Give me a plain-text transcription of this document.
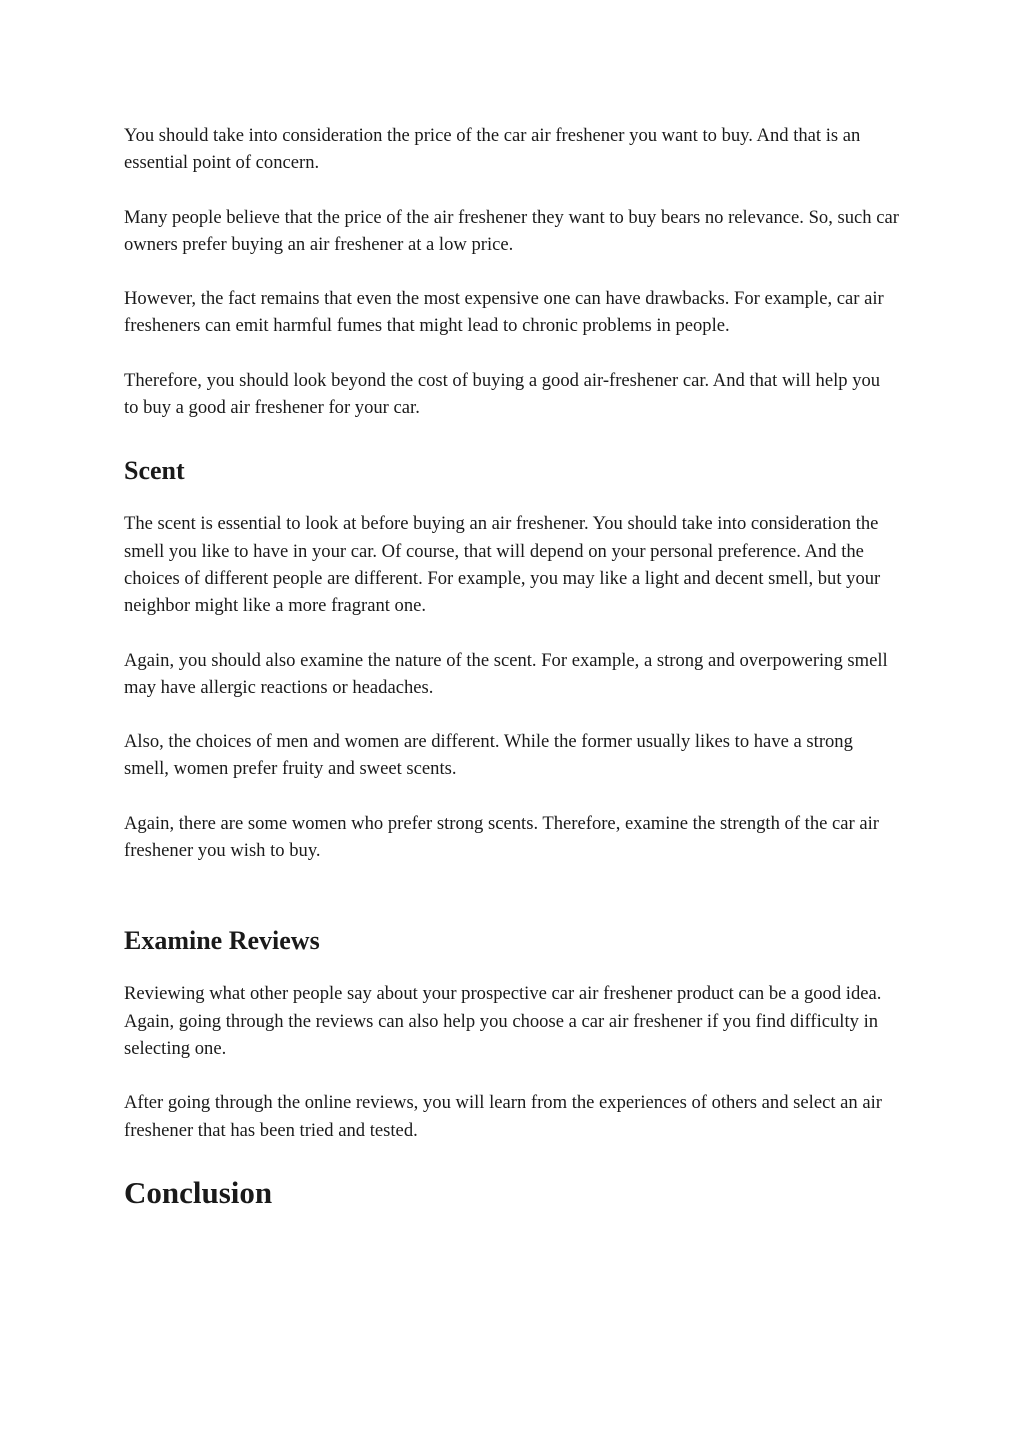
You should take into consideration the price of the car air freshener you want to buy. And that is an essential point of concern.

Many people believe that the price of the air freshener they want to buy bears no relevance. So, such car owners prefer buying an air freshener at a low price.

However, the fact remains that even the most expensive one can have drawbacks. For example, car air fresheners can emit harmful fumes that might lead to chronic problems in people.

Therefore, you should look beyond the cost of buying a good air-freshener car. And that will help you to buy a good air freshener for your car.

Scent

The scent is essential to look at before buying an air freshener. You should take into consideration the smell you like to have in your car. Of course, that will depend on your personal preference. And the choices of different people are different. For example, you may like a light and decent smell, but your neighbor might like a more fragrant one.

Again, you should also examine the nature of the scent. For example, a strong and overpowering smell may have allergic reactions or headaches.

Also, the choices of men and women are different. While the former usually likes to have a strong smell, women prefer fruity and sweet scents.

Again, there are some women who prefer strong scents. Therefore, examine the strength of the car air freshener you wish to buy.

Examine Reviews

Reviewing what other people say about your prospective car air freshener product can be a good idea. Again, going through the reviews can also help you choose a car air freshener if you find difficulty in selecting one.

After going through the online reviews, you will learn from the experiences of others and select an air freshener that has been tried and tested.

Conclusion
